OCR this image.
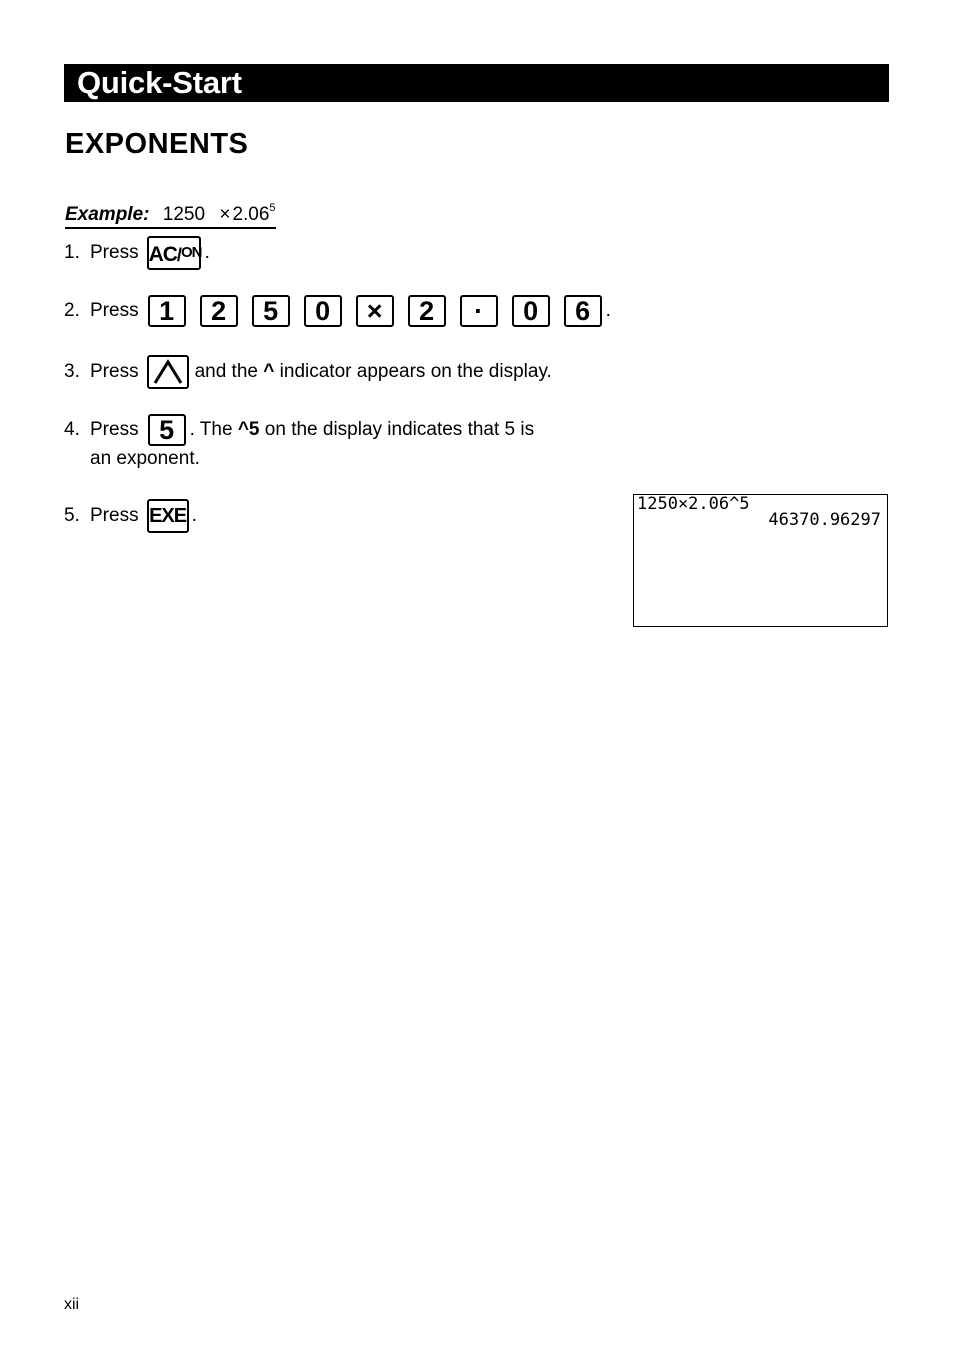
Quick-Start
EXPONENTS
Example: $1250 \times 2.06^5$
1. Press AC/ON .
2. Press 1 2 5 0 × 2 · 0 6 .
3. Press	and the ^ indicator appears on the display.
4. Press 5 . The ^5 on the display indicates that 5 is
an exponent.
5. Press EXE .
1250×2.06^5
46370.96297
xii
